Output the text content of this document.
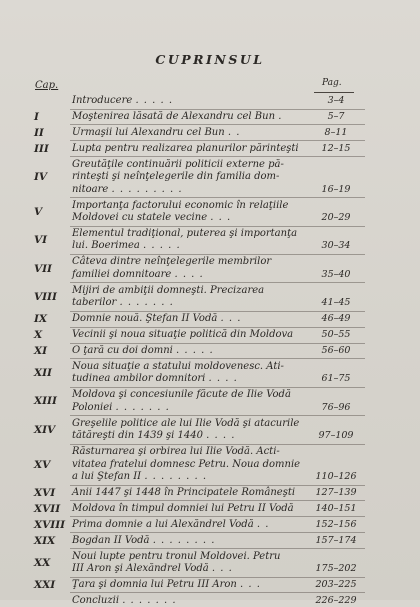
CUPRINSUL
Cap.	Pag.
Introducere . . . . .	3–4
I	Moştenirea lăsată de Alexandru cel Bun .	5–7
II	Urmaşii lui Alexandru cel Bun . .	8–11
III	Lupta pentru realizarea planurilor părinteşti	12–15
IV
Greutăţile continuării politicii externe pă-
rinteşti şi neînţelegerile din familia dom-
nitoare . . . . . . . . .	16–19
V
Importanţa factorului economic în relaţiile
Moldovei cu statele vecine . . .	20–29
VI
Elementul tradiţional, puterea şi importanţa
lui. Boerimea . . . . .	30–34
VII
Câteva dintre neînţelegerile membrilor
familiei domnitoare . . . .	35–40
VIII
Mijiri de ambiţii domneşti. Precizarea
taberilor . . . . . . .	41–45
IX	Domnie nouă. Ştefan II Vodă . . .	46–49
X	Vecinii şi noua situaţie politică din Moldova	50–55
XI	O ţară cu doi domni . . . . .	56–60
XII
Noua situaţie a statului moldovenesc. Ati-
tudinea ambilor domnitori . . . .	61–75
XIII
Moldova şi concesiunile făcute de Ilie Vodă
Poloniei . . . . . . .	76–96
XIV
Greşelile politice ale lui Ilie Vodă şi atacurile
tătăreşti din 1439 şi 1440 . . . .	97–109
XV
Răsturnarea şi orbirea lui Ilie Vodă. Acti-
vitatea fratelui domnesc Petru. Noua domnie
a lui Ştefan II . . . . . . . .	110–126
XVI	Anii 1447 şi 1448 în Principatele Româneşti	127–139
XVII	Moldova în timpul domniei lui Petru II Vodă	140–151
XVIII Prima domnie a lui Alexăndrel Vodă . .	152–156
XIX	Bogdan II Vodă . . . . . . . .	157–174
XX
Noui lupte pentru tronul Moldovei. Petru
III Aron şi Alexăndrel Vodă . . .	175–202
XXI	Ţara şi domnia lui Petru III Aron . . .	203–225
Concluzii . . . . . . .	226–229
